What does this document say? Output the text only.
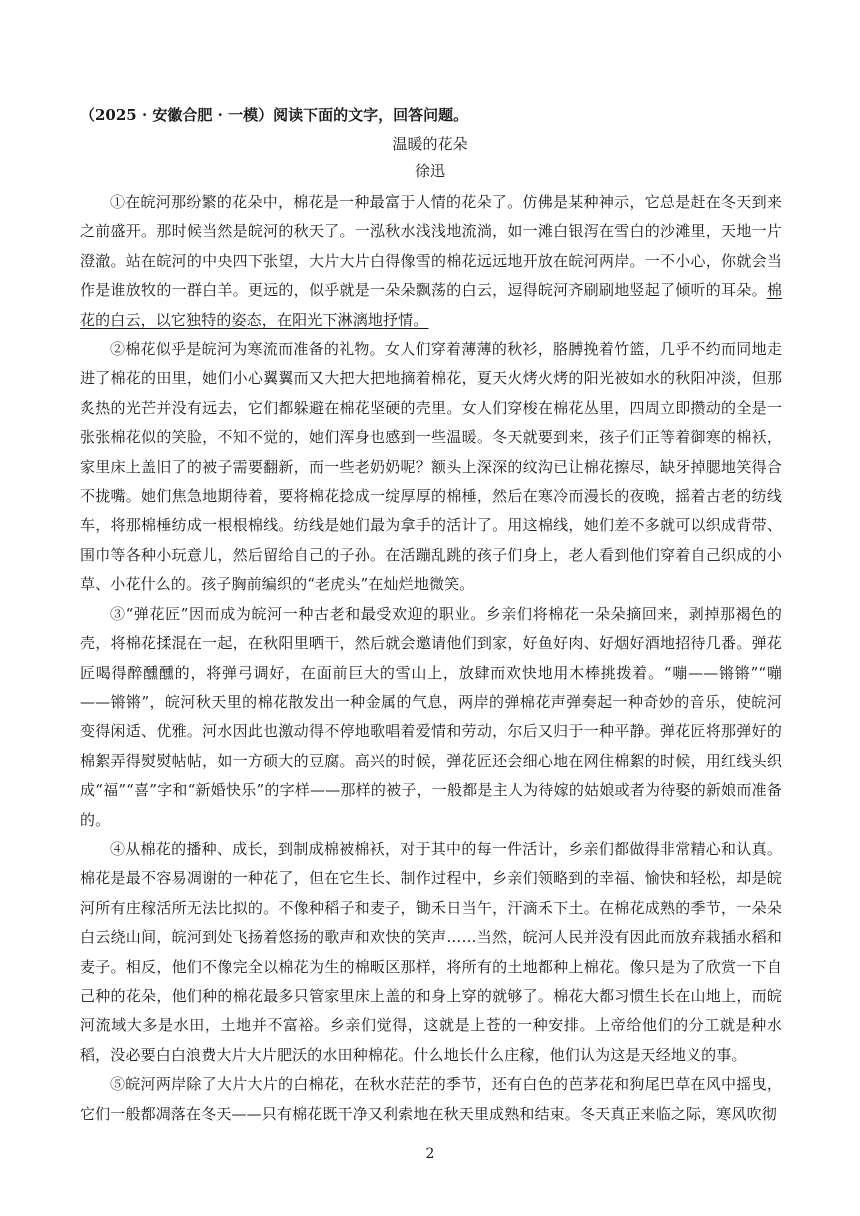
（2025 · 安徽合肥 · 一模）阅读下面的文字，回答问题。
温暖的花朵
徐迅

①在皖河那纷繁的花朵中，棉花是一种最富于人情的花朵了。仿佛是某种神示，它总是赶在冬天到来之前盛开。那时候当然是皖河的秋天了。一泓秋水浅浅地流淌，如一滩白银泻在雪白的沙滩里，天地一片澄澈。站在皖河的中央四下张望，大片大片白得像雪的棉花远远地开放在皖河两岸。一不小心，你就会当作是谁放牧的一群白羊。更远的，似乎就是一朵朵飘荡的白云，逗得皖河齐刷刷地竖起了倾听的耳朵。棉花的白云，以它独特的姿态，在阳光下淋漓地抒情。

②棉花似乎是皖河为寒流而准备的礼物。女人们穿着薄薄的秋衫，胳膊挽着竹篮，几乎不约而同地走进了棉花的田里，她们小心翼翼而又大把大把地摘着棉花，夏天火烤火烤的阳光被如水的秋阳冲淡，但那炙热的光芒并没有远去，它们都躲避在棉花坚硬的壳里。女人们穿梭在棉花丛里，四周立即攒动的全是一张张棉花似的笑脸，不知不觉的，她们浑身也感到一些温暖。冬天就要到来，孩子们正等着御寒的棉袄，家里床上盖旧了的被子需要翻新，而一些老奶奶呢？额头上深深的纹沟已让棉花擦尽，缺牙掉腮地笑得合不拢嘴。她们焦急地期待着，要将棉花捻成一绽厚厚的棉棰，然后在寒冷而漫长的夜晚，摇着古老的纺线车，将那棉棰纺成一根根棉线。纺线是她们最为拿手的活计了。用这棉线，她们差不多就可以织成背带、围巾等各种小玩意儿，然后留给自己的子孙。在活蹦乱跳的孩子们身上，老人看到他们穿着自己织成的小草、小花什么的。孩子胸前编织的“老虎头”在灿烂地微笑。

③“弹花匠”因而成为皖河一种古老和最受欢迎的职业。乡亲们将棉花一朵朵摘回来，剥掉那褐色的壳，将棉花揉混在一起，在秋阳里晒干，然后就会邀请他们到家，好鱼好肉、好烟好酒地招待几番。弹花匠喝得醉醺醺的，将弹弓调好，在面前巨大的雪山上，放肆而欢快地用木棒挑拨着。“嘣——锵锵”“嘣——锵锵”，皖河秋天里的棉花散发出一种金属的气息，两岸的弹棉花声弹奏起一种奇妙的音乐，使皖河变得闲适、优雅。河水因此也激动得不停地歌唱着爱情和劳动，尔后又归于一种平静。弹花匠将那弹好的棉絮弄得熨熨帖帖，如一方硕大的豆腐。高兴的时候，弹花匠还会细心地在网住棉絮的时候，用红线头织成“福”“喜”字和“新婚快乐”的字样——那样的被子，一般都是主人为待嫁的姑娘或者为待娶的新娘而准备的。

④从棉花的播种、成长，到制成棉被棉袄，对于其中的每一件活计，乡亲们都做得非常精心和认真。棉花是最不容易凋谢的一种花了，但在它生长、制作过程中，乡亲们领略到的幸福、愉快和轻松，却是皖河所有庄稼活所无法比拟的。不像种稻子和麦子，锄禾日当午，汗滴禾下土。在棉花成熟的季节，一朵朵白云绕山间，皖河到处飞扬着悠扬的歌声和欢快的笑声……当然，皖河人民并没有因此而放弃栽插水稻和麦子。相反，他们不像完全以棉花为生的棉畈区那样，将所有的土地都种上棉花。像只是为了欣赏一下自己种的花朵，他们种的棉花最多只管家里床上盖的和身上穿的就够了。棉花大都习惯生长在山地上，而皖河流域大多是水田，土地并不富裕。乡亲们觉得，这就是上苍的一种安排。上帝给他们的分工就是种水稻，没必要白白浪费大片大片肥沃的水田种棉花。什么地长什么庄稼，他们认为这是天经地义的事。

⑤皖河两岸除了大片大片的白棉花，在秋水茫茫的季节，还有白色的芭茅花和狗尾巴草在风中摇曳，它们一般都凋落在冬天——只有棉花既干净又利索地在秋天里成熟和结束。冬天真正来临之际，寒风吹彻

2
